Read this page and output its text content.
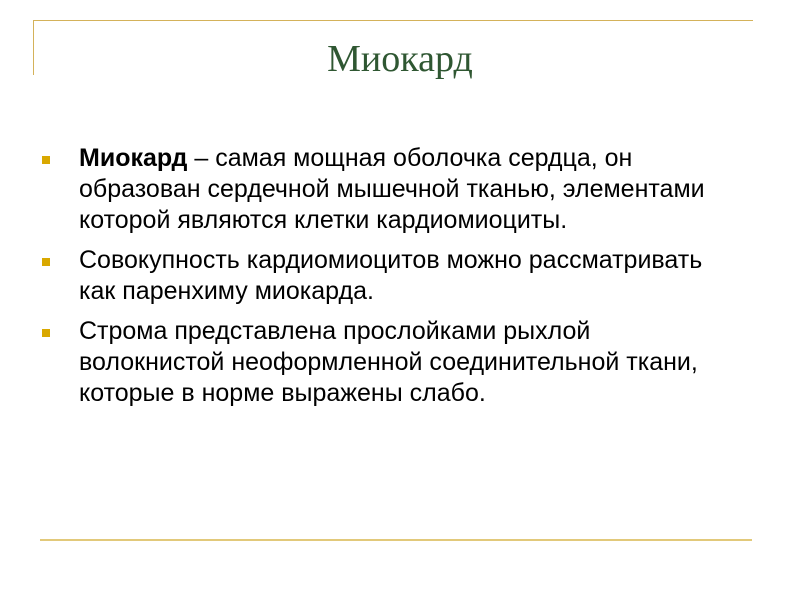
Миокард
Миокард – самая мощная оболочка сердца, он образован сердечной мышечной тканью, элементами которой являются клетки кардиомиоциты.
Совокупность кардиомиоцитов можно рассматривать как паренхиму миокарда.
Строма представлена прослойками рыхлой волокнистой неоформленной соединительной ткани, которые в норме выражены слабо.
